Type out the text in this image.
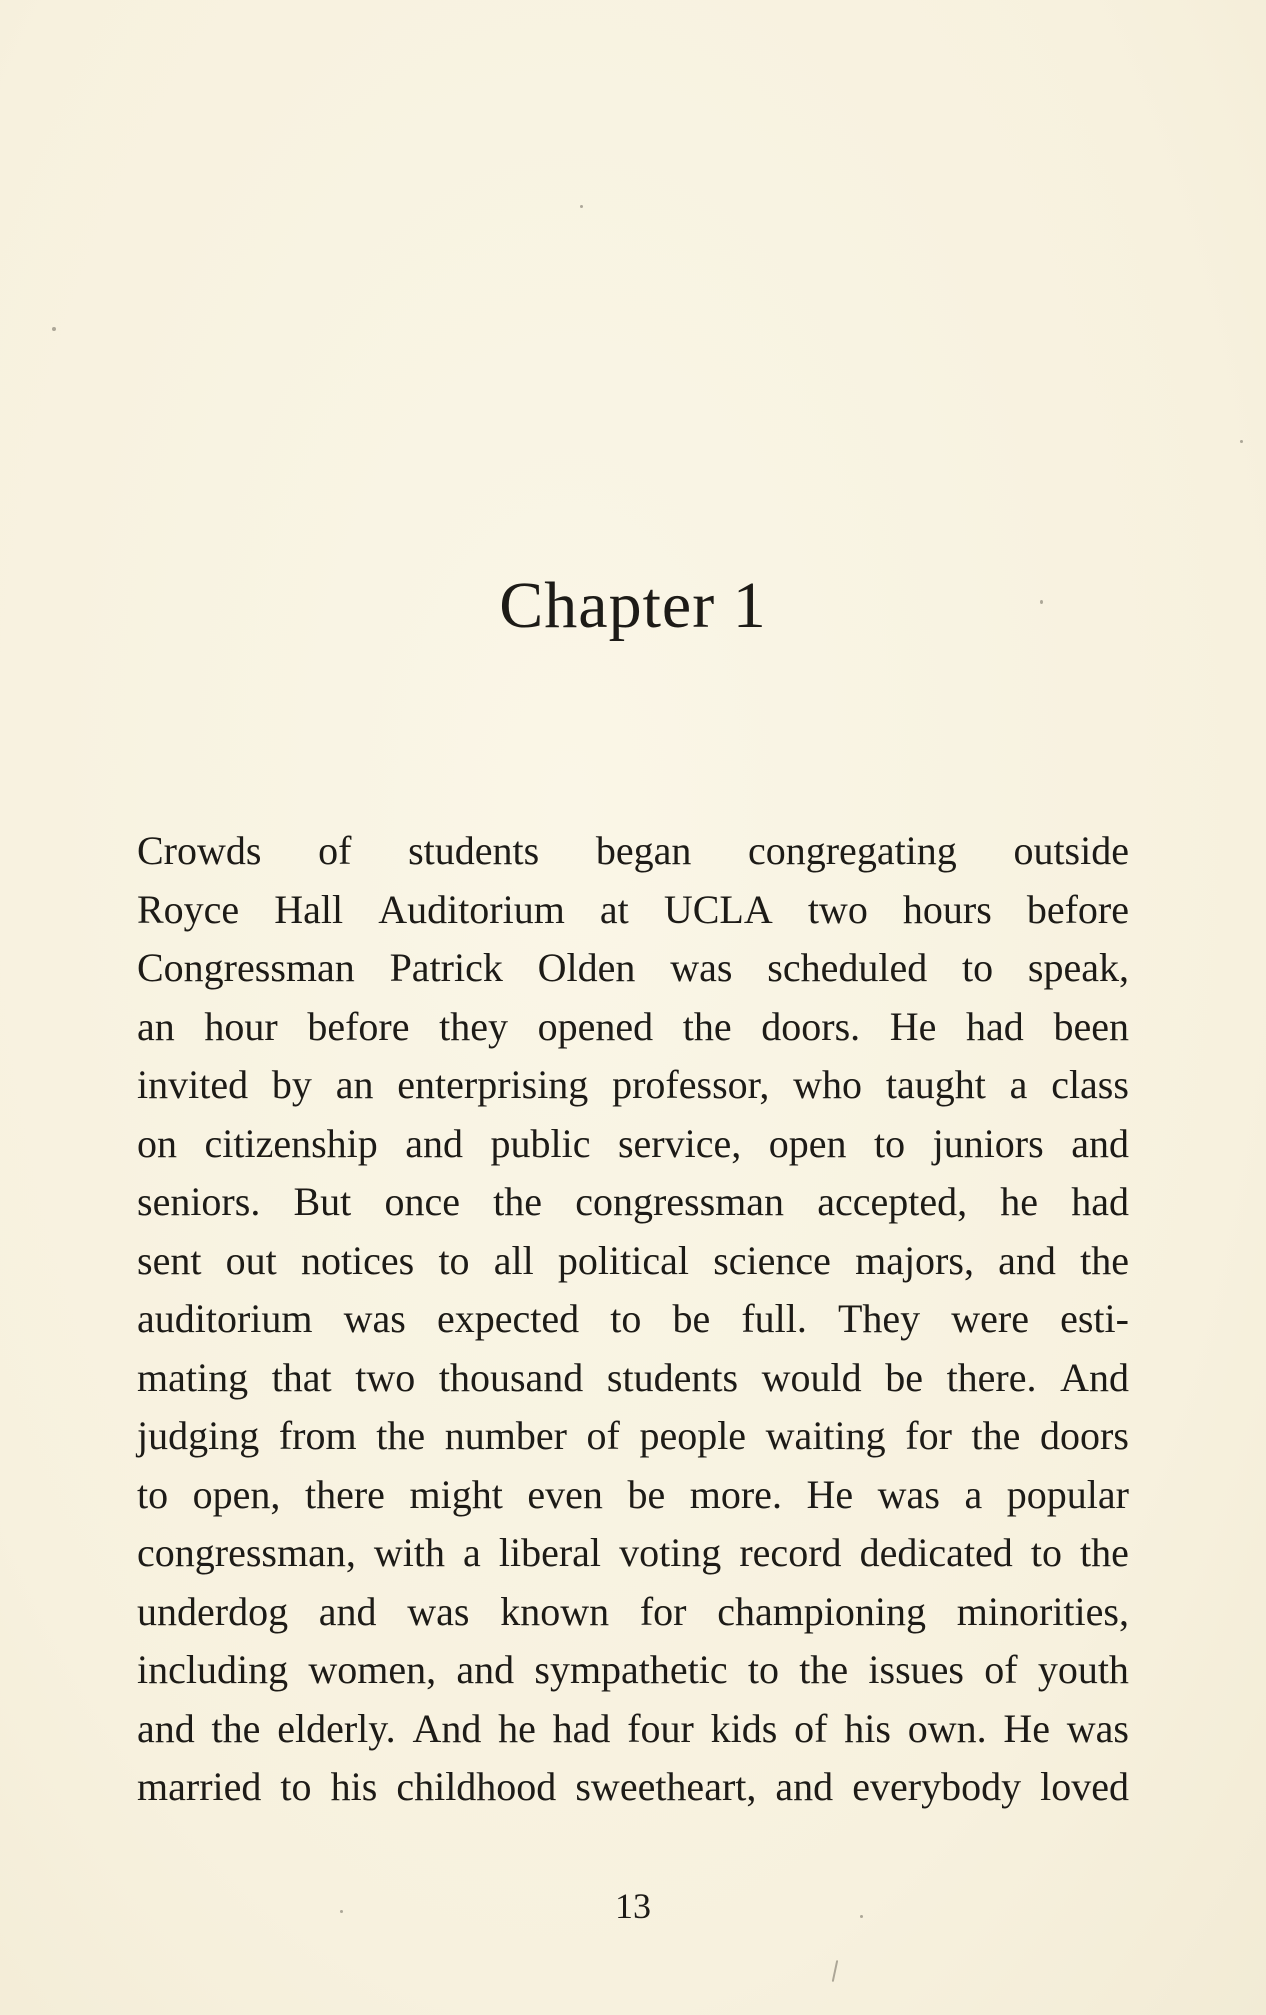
Chapter 1
Crowds of students began congregating outside
Royce Hall Auditorium at UCLA two hours before
Congressman Patrick Olden was scheduled to speak,
an hour before they opened the doors. He had been
invited by an enterprising professor, who taught a class
on citizenship and public service, open to juniors and
seniors. But once the congressman accepted, he had
sent out notices to all political science majors, and the
auditorium was expected to be full. They were esti-
mating that two thousand students would be there. And
judging from the number of people waiting for the doors
to open, there might even be more. He was a popular
congressman, with a liberal voting record dedicated to the
underdog and was known for championing minorities,
including women, and sympathetic to the issues of youth
and the elderly. And he had four kids of his own. He was
married to his childhood sweetheart, and everybody loved
13
